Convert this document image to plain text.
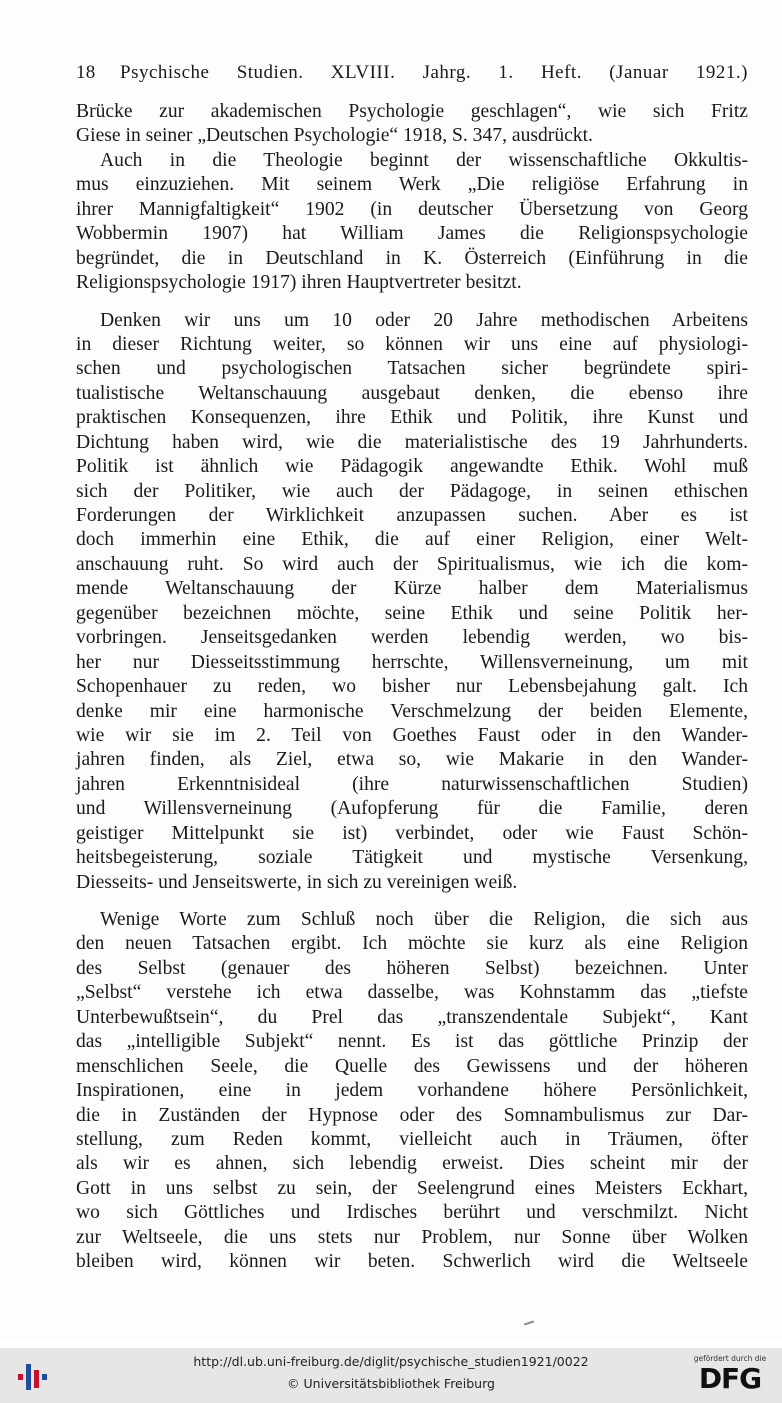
18 Psychische Studien. XLVIII. Jahrg. 1. Heft. (Januar 1921.)
Brücke zur akademischen Psychologie geschlagen“, wie sich Fritz
Giese in seiner „Deutschen Psychologie“ 1918, S. 347, ausdrückt.
Auch in die Theologie beginnt der wissenschaftliche Okkultis-
mus einzuziehen. Mit seinem Werk „Die religiöse Erfahrung in
ihrer Mannigfaltigkeit“ 1902 (in deutscher Übersetzung von Georg
Wobbermin 1907) hat William James die Religionspsychologie
begründet, die in Deutschland in K. Österreich (Einführung in die
Religionspsychologie 1917) ihren Hauptvertreter besitzt.
Denken wir uns um 10 oder 20 Jahre methodischen Arbeitens
in dieser Richtung weiter, so können wir uns eine auf physiologi-
schen und psychologischen Tatsachen sicher begründete spiri-
tualistische Weltanschauung ausgebaut denken, die ebenso ihre
praktischen Konsequenzen, ihre Ethik und Politik, ihre Kunst und
Dichtung haben wird, wie die materialistische des 19 Jahrhunderts.
Politik ist ähnlich wie Pädagogik angewandte Ethik. Wohl muß
sich der Politiker, wie auch der Pädagoge, in seinen ethischen
Forderungen der Wirklichkeit anzupassen suchen. Aber es ist
doch immerhin eine Ethik, die auf einer Religion, einer Welt-
anschauung ruht. So wird auch der Spiritualismus, wie ich die kom-
mende Weltanschauung der Kürze halber dem Materialismus
gegenüber bezeichnen möchte, seine Ethik und seine Politik her-
vorbringen. Jenseitsgedanken werden lebendig werden, wo bis-
her nur Diesseitsstimmung herrschte, Willensverneinung, um mit
Schopenhauer zu reden, wo bisher nur Lebensbejahung galt. Ich
denke mir eine harmonische Verschmelzung der beiden Elemente,
wie wir sie im 2. Teil von Goethes Faust oder in den Wander-
jahren finden, als Ziel, etwa so, wie Makarie in den Wander-
jahren Erkenntnisideal (ihre naturwissenschaftlichen Studien)
und Willensverneinung (Aufopferung für die Familie, deren
geistiger Mittelpunkt sie ist) verbindet, oder wie Faust Schön-
heitsbegeisterung, soziale Tätigkeit und mystische Versenkung,
Diesseits- und Jenseitswerte, in sich zu vereinigen weiß.
Wenige Worte zum Schluß noch über die Religion, die sich aus
den neuen Tatsachen ergibt. Ich möchte sie kurz als eine Religion
des Selbst (genauer des höheren Selbst) bezeichnen. Unter
„Selbst“ verstehe ich etwa dasselbe, was Kohnstamm das „tiefste
Unterbewußtsein“, du Prel das „transzendentale Subjekt“, Kant
das „intelligible Subjekt“ nennt. Es ist das göttliche Prinzip der
menschlichen Seele, die Quelle des Gewissens und der höheren
Inspirationen, eine in jedem vorhandene höhere Persönlichkeit,
die in Zuständen der Hypnose oder des Somnambulismus zur Dar-
stellung, zum Reden kommt, vielleicht auch in Träumen, öfter
als wir es ahnen, sich lebendig erweist. Dies scheint mir der
Gott in uns selbst zu sein, der Seelengrund eines Meisters Eckhart,
wo sich Göttliches und Irdisches berührt und verschmilzt. Nicht
zur Weltseele, die uns stets nur Problem, nur Sonne über Wolken
bleiben wird, können wir beten. Schwerlich wird die Weltseele
http://dl.ub.uni-freiburg.de/diglit/psychische_studien1921/0022
© Universitätsbibliothek Freiburg
gefördert durch die
DFG
